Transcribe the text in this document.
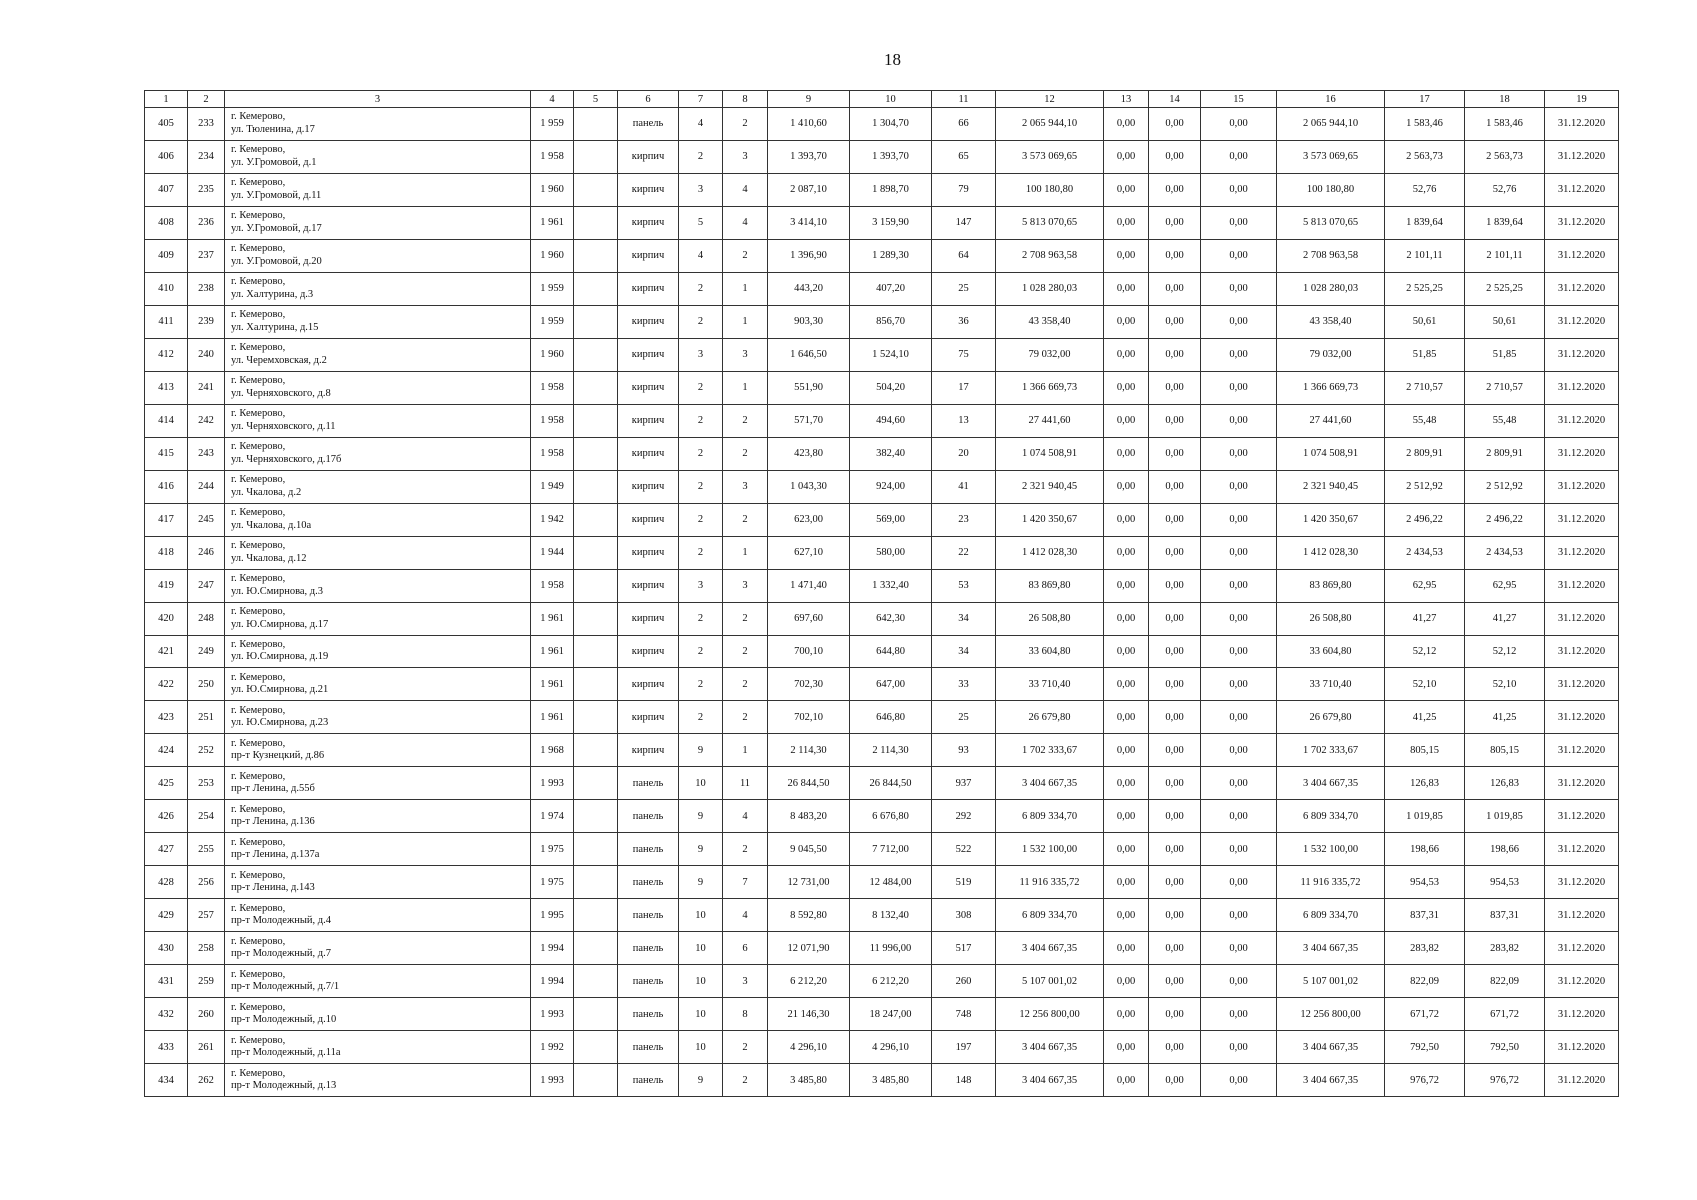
18
1	2	3	4	5	6	7	8	9	10	11	12	13	14	15	16	17	18	19
405	233	г. Кемерово,
ул. Тюленина, д.17	1 959		панель	4	2	1 410,60	1 304,70	66	2 065 944,10	0,00	0,00	0,00	2 065 944,10	1 583,46	1 583,46	31.12.2020
406	234	г. Кемерово,
ул. У.Громовой, д.1	1 958		кирпич	2	3	1 393,70	1 393,70	65	3 573 069,65	0,00	0,00	0,00	3 573 069,65	2 563,73	2 563,73	31.12.2020
407	235	г. Кемерово,
ул. У.Громовой, д.11	1 960		кирпич	3	4	2 087,10	1 898,70	79	100 180,80	0,00	0,00	0,00	100 180,80	52,76	52,76	31.12.2020
408	236	г. Кемерово,
ул. У.Громовой, д.17	1 961		кирпич	5	4	3 414,10	3 159,90	147	5 813 070,65	0,00	0,00	0,00	5 813 070,65	1 839,64	1 839,64	31.12.2020
409	237	г. Кемерово,
ул. У.Громовой, д.20	1 960		кирпич	4	2	1 396,90	1 289,30	64	2 708 963,58	0,00	0,00	0,00	2 708 963,58	2 101,11	2 101,11	31.12.2020
410	238	г. Кемерово,
ул. Халтурина, д.3	1 959		кирпич	2	1	443,20	407,20	25	1 028 280,03	0,00	0,00	0,00	1 028 280,03	2 525,25	2 525,25	31.12.2020
411	239	г. Кемерово,
ул. Халтурина, д.15	1 959		кирпич	2	1	903,30	856,70	36	43 358,40	0,00	0,00	0,00	43 358,40	50,61	50,61	31.12.2020
412	240	г. Кемерово,
ул. Черемховская, д.2	1 960		кирпич	3	3	1 646,50	1 524,10	75	79 032,00	0,00	0,00	0,00	79 032,00	51,85	51,85	31.12.2020
413	241	г. Кемерово,
ул. Черняховского, д.8	1 958		кирпич	2	1	551,90	504,20	17	1 366 669,73	0,00	0,00	0,00	1 366 669,73	2 710,57	2 710,57	31.12.2020
414	242	г. Кемерово,
ул. Черняховского, д.11	1 958		кирпич	2	2	571,70	494,60	13	27 441,60	0,00	0,00	0,00	27 441,60	55,48	55,48	31.12.2020
415	243	г. Кемерово,
ул. Черняховского, д.17б	1 958		кирпич	2	2	423,80	382,40	20	1 074 508,91	0,00	0,00	0,00	1 074 508,91	2 809,91	2 809,91	31.12.2020
416	244	г. Кемерово,
ул. Чкалова, д.2	1 949		кирпич	2	3	1 043,30	924,00	41	2 321 940,45	0,00	0,00	0,00	2 321 940,45	2 512,92	2 512,92	31.12.2020
417	245	г. Кемерово,
ул. Чкалова, д.10а	1 942		кирпич	2	2	623,00	569,00	23	1 420 350,67	0,00	0,00	0,00	1 420 350,67	2 496,22	2 496,22	31.12.2020
418	246	г. Кемерово,
ул. Чкалова, д.12	1 944		кирпич	2	1	627,10	580,00	22	1 412 028,30	0,00	0,00	0,00	1 412 028,30	2 434,53	2 434,53	31.12.2020
419	247	г. Кемерово,
ул. Ю.Смирнова, д.3	1 958		кирпич	3	3	1 471,40	1 332,40	53	83 869,80	0,00	0,00	0,00	83 869,80	62,95	62,95	31.12.2020
420	248	г. Кемерово,
ул. Ю.Смирнова, д.17	1 961		кирпич	2	2	697,60	642,30	34	26 508,80	0,00	0,00	0,00	26 508,80	41,27	41,27	31.12.2020
421	249	г. Кемерово,
ул. Ю.Смирнова, д.19	1 961		кирпич	2	2	700,10	644,80	34	33 604,80	0,00	0,00	0,00	33 604,80	52,12	52,12	31.12.2020
422	250	г. Кемерово,
ул. Ю.Смирнова, д.21	1 961		кирпич	2	2	702,30	647,00	33	33 710,40	0,00	0,00	0,00	33 710,40	52,10	52,10	31.12.2020
423	251	г. Кемерово,
ул. Ю.Смирнова, д.23	1 961		кирпич	2	2	702,10	646,80	25	26 679,80	0,00	0,00	0,00	26 679,80	41,25	41,25	31.12.2020
424	252	г. Кемерово,
пр-т Кузнецкий, д.86	1 968		кирпич	9	1	2 114,30	2 114,30	93	1 702 333,67	0,00	0,00	0,00	1 702 333,67	805,15	805,15	31.12.2020
425	253	г. Кемерово,
пр-т Ленина, д.55б	1 993		панель	10	11	26 844,50	26 844,50	937	3 404 667,35	0,00	0,00	0,00	3 404 667,35	126,83	126,83	31.12.2020
426	254	г. Кемерово,
пр-т Ленина, д.136	1 974		панель	9	4	8 483,20	6 676,80	292	6 809 334,70	0,00	0,00	0,00	6 809 334,70	1 019,85	1 019,85	31.12.2020
427	255	г. Кемерово,
пр-т Ленина, д.137а	1 975		панель	9	2	9 045,50	7 712,00	522	1 532 100,00	0,00	0,00	0,00	1 532 100,00	198,66	198,66	31.12.2020
428	256	г. Кемерово,
пр-т Ленина, д.143	1 975		панель	9	7	12 731,00	12 484,00	519	11 916 335,72	0,00	0,00	0,00	11 916 335,72	954,53	954,53	31.12.2020
429	257	г. Кемерово,
пр-т Молодежный, д.4	1 995		панель	10	4	8 592,80	8 132,40	308	6 809 334,70	0,00	0,00	0,00	6 809 334,70	837,31	837,31	31.12.2020
430	258	г. Кемерово,
пр-т Молодежный, д.7	1 994		панель	10	6	12 071,90	11 996,00	517	3 404 667,35	0,00	0,00	0,00	3 404 667,35	283,82	283,82	31.12.2020
431	259	г. Кемерово,
пр-т Молодежный, д.7/1	1 994		панель	10	3	6 212,20	6 212,20	260	5 107 001,02	0,00	0,00	0,00	5 107 001,02	822,09	822,09	31.12.2020
432	260	г. Кемерово,
пр-т Молодежный, д.10	1 993		панель	10	8	21 146,30	18 247,00	748	12 256 800,00	0,00	0,00	0,00	12 256 800,00	671,72	671,72	31.12.2020
433	261	г. Кемерово,
пр-т Молодежный, д.11а	1 992		панель	10	2	4 296,10	4 296,10	197	3 404 667,35	0,00	0,00	0,00	3 404 667,35	792,50	792,50	31.12.2020
434	262	г. Кемерово,
пр-т Молодежный, д.13	1 993		панель	9	2	3 485,80	3 485,80	148	3 404 667,35	0,00	0,00	0,00	3 404 667,35	976,72	976,72	31.12.2020
